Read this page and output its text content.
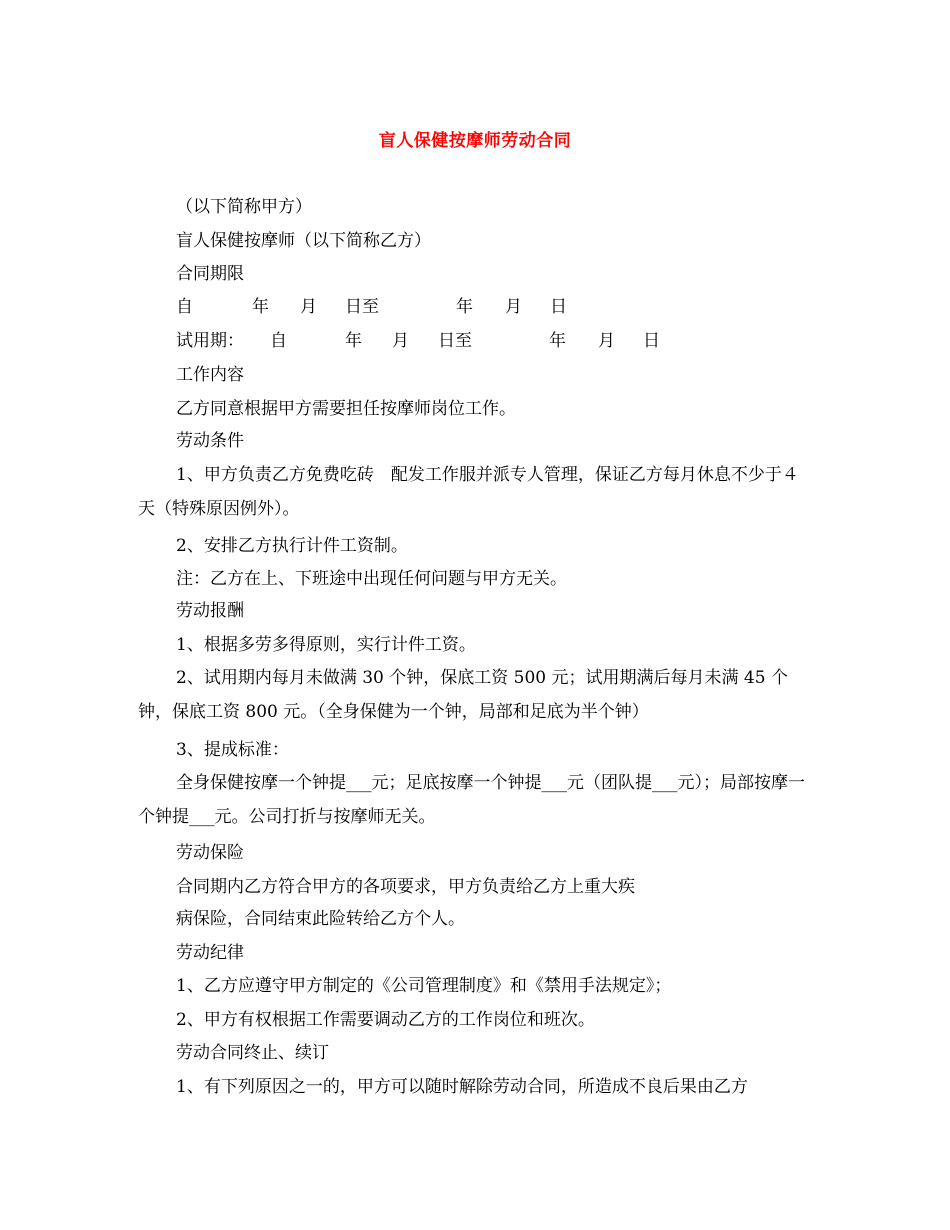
盲人保健按摩师劳动合同
（以下简称甲方）
盲人保健按摩师（以下简称乙方）
合同期限
自	年 月 日至	年 月 日
试用期： 自	年 月 日至	年 月 日
工作内容
乙方同意根据甲方需要担任按摩师岗位工作。
劳动条件
1、甲方负责乙方免费吃砖　配发工作服并派专人管理，保证乙方每月休息不少于４天（特殊原因例外）。
2、安排乙方执行计件工资制。
注：乙方在上、下班途中出现任何问题与甲方无关。
劳动报酬
1、根据多劳多得原则，实行计件工资。
2、试用期内每月未做满 30 个钟，保底工资 500 元；试用期满后每月未满 45 个钟，保底工资 800 元。（全身保健为一个钟，局部和足底为半个钟）
3、提成标准：
全身保健按摩一个钟提___元；足底按摩一个钟提___元（团队提___元）；局部按摩一个钟提___元。公司打折与按摩师无关。
劳动保险
合同期内乙方符合甲方的各项要求，甲方负责给乙方上重大疾
病保险，合同结束此险转给乙方个人。
劳动纪律
1、乙方应遵守甲方制定的《公司管理制度》和《禁用手法规定》；
2、甲方有权根据工作需要调动乙方的工作岗位和班次。
劳动合同终止、续订
1、有下列原因之一的，甲方可以随时解除劳动合同，所造成不良后果由乙方
